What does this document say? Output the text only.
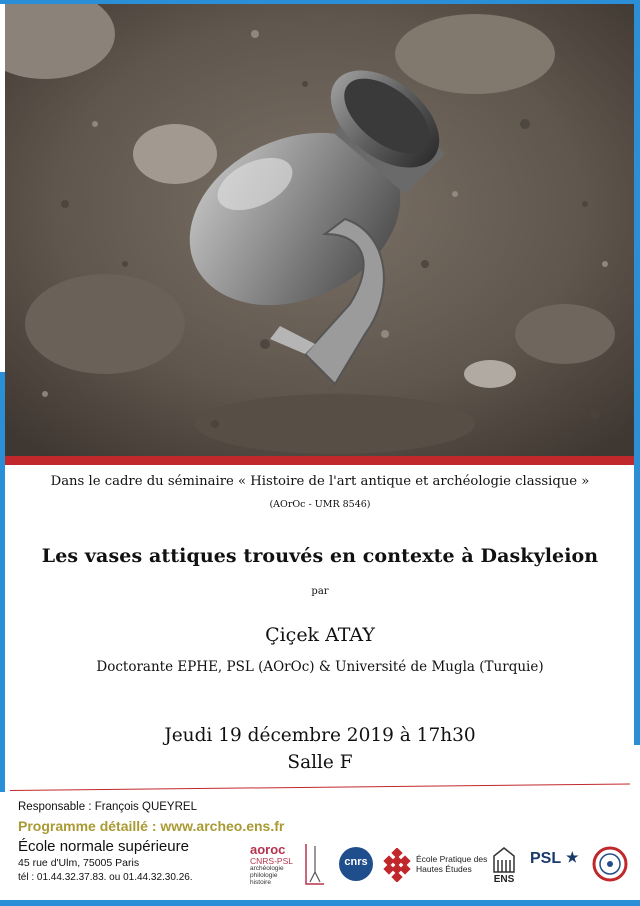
Dans le cadre du séminaire « Histoire de l'art antique et archéologie classique »
(AOrOc - UMR 8546)
Les vases attiques trouvés en contexte à Daskyleion
par
Çiçek ATAY
Doctorante EPHE, PSL (AOrOc) & Université de Mugla (Turquie)
Jeudi 19 décembre 2019 à 17h30
Salle F
Responsable : François QUEYREL
Programme détaillé : www.archeo.ens.fr
École normale supérieure
45 rue d'Ulm, 75005 Paris
tél : 01.44.32.37.83. ou 01.44.32.30.26.
aoroc
CNRS-PSL
archéologie philologie histoire
cnrs	École Pratique des Hautes Études
ENS
PSL ★
